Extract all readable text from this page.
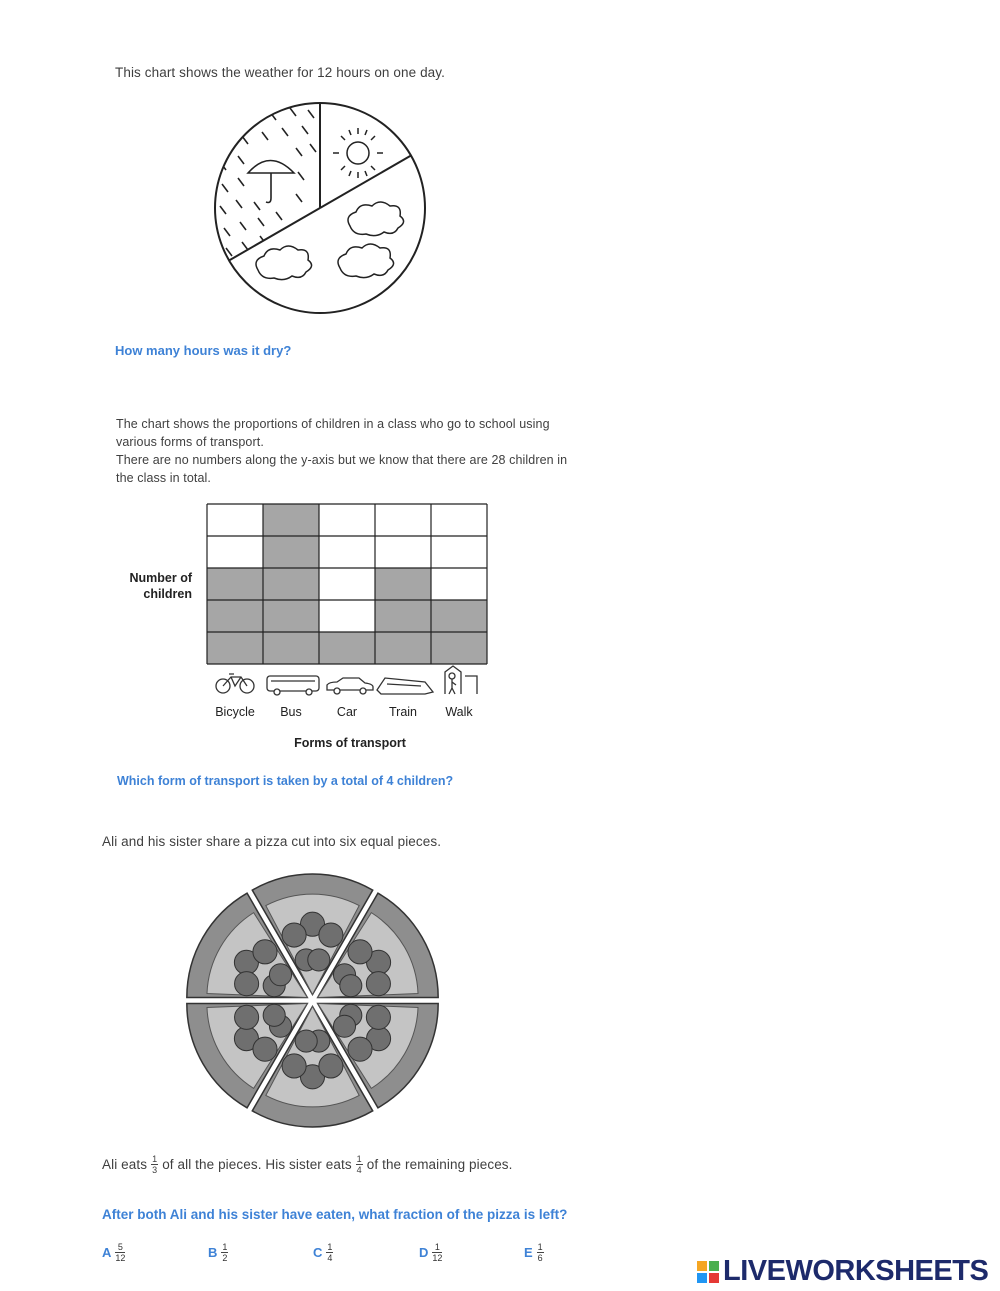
This chart shows the weather for 12 hours on one day.
How many hours was it dry?
The chart shows the proportions of children in a class who go to school using
various forms of transport.
There are no numbers along the y-axis but we know that there are 28 children in
the class in total.
Number of
children
Bicycle Bus	Car	Train Walk
Forms of transport
Which form of transport is taken by a total of 4 children?
Ali and his sister share a pizza cut into six equal pieces.
Ali eats $\frac{1}{3}$ of all the pieces. His sister eats $\frac{1}{4}$ of the remaining pieces.
After both Ali and his sister have eaten, what fraction of the pizza is left?
A $\frac{5}{12}$	B $\frac{1}{2}$	C $\frac{1}{4}$	D $\frac{1}{12}$	E $\frac{1}{6}$
LIVEWORKSHEETS
